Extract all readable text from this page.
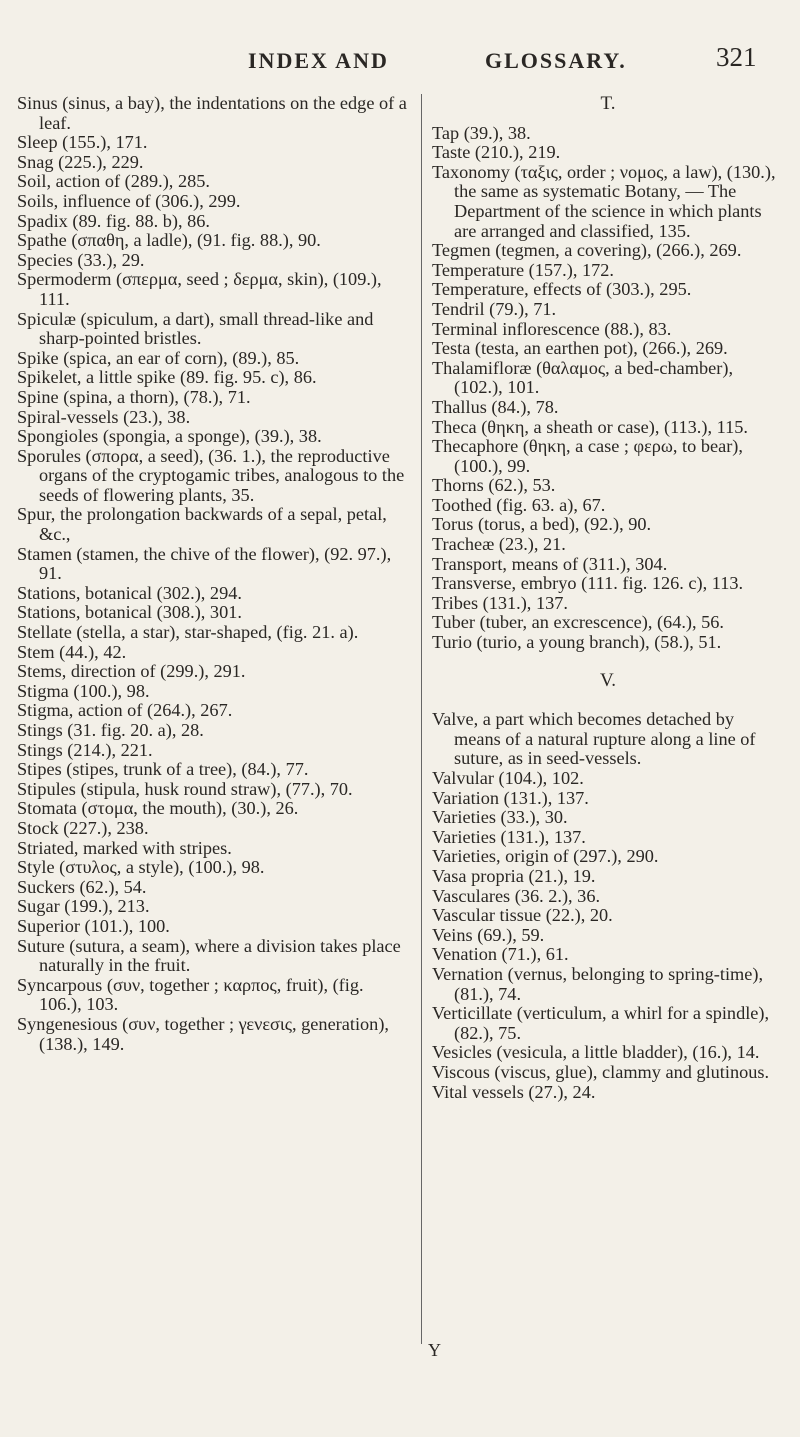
INDEX AND	GLOSSARY.	321
Sinus (sinus, a bay), the indentations on the edge of a leaf.
Sleep (155.), 171.
Snag (225.), 229.
Soil, action of (289.), 285.
Soils, influence of (306.), 299.
Spadix (89. fig. 88. b), 86.
Spathe (σπαθη, a ladle), (91. fig. 88.), 90.
Species (33.), 29.
Spermoderm (σπερμα, seed ; δερμα, skin), (109.), 111.
Spiculæ (spiculum, a dart), small thread-like and sharp-pointed bristles.
Spike (spica, an ear of corn), (89.), 85.
Spikelet, a little spike (89. fig. 95. c), 86.
Spine (spina, a thorn), (78.), 71.
Spiral-vessels (23.), 38.
Spongioles (spongia, a sponge), (39.), 38.
Sporules (σπορα, a seed), (36. 1.), the reproductive organs of the cryptogamic tribes, analogous to the seeds of flowering plants, 35.
Spur, the prolongation backwards of a sepal, petal, &c.,
Stamen (stamen, the chive of the flower), (92. 97.), 91.
Stations, botanical (302.), 294.
Stations, botanical (308.), 301.
Stellate (stella, a star), star-shaped, (fig. 21. a).
Stem (44.), 42.
Stems, direction of (299.), 291.
Stigma (100.), 98.
Stigma, action of (264.), 267.
Stings (31. fig. 20. a), 28.
Stings (214.), 221.
Stipes (stipes, trunk of a tree), (84.), 77.
Stipules (stipula, husk round straw), (77.), 70.
Stomata (στομα, the mouth), (30.), 26.
Stock (227.), 238.
Striated, marked with stripes.
Style (στυλος, a style), (100.), 98.
Suckers (62.), 54.
Sugar (199.), 213.
Superior (101.), 100.
Suture (sutura, a seam), where a division takes place naturally in the fruit.
Syncarpous (συν, together ; καρπος, fruit), (fig. 106.), 103.
Syngenesious (συν, together ; γενεσις, generation), (138.), 149.
T.
Tap (39.), 38.
Taste (210.), 219.
Taxonomy (ταξις, order ; νομος, a law), (130.), the same as systematic Botany, — The Department of the science in which plants are arranged and classified, 135.
Tegmen (tegmen, a covering), (266.), 269.
Temperature (157.), 172.
Temperature, effects of (303.), 295.
Tendril (79.), 71.
Terminal inflorescence (88.), 83.
Testa (testa, an earthen pot), (266.), 269.
Thalamifloræ (θαλαμος, a bed-chamber), (102.), 101.
Thallus (84.), 78.
Theca (θηκη, a sheath or case), (113.), 115.
Thecaphore (θηκη, a case ; φερω, to bear), (100.), 99.
Thorns (62.), 53.
Toothed (fig. 63. a), 67.
Torus (torus, a bed), (92.), 90.
Tracheæ (23.), 21.
Transport, means of (311.), 304.
Transverse, embryo (111. fig. 126. c), 113.
Tribes (131.), 137.
Tuber (tuber, an excrescence), (64.), 56.
Turio (turio, a young branch), (58.), 51.
V.
Valve, a part which becomes detached by means of a natural rupture along a line of suture, as in seed-vessels.
Valvular (104.), 102.
Variation (131.), 137.
Varieties (33.), 30.
Varieties (131.), 137.
Varieties, origin of (297.), 290.
Vasa propria (21.), 19.
Vasculares (36. 2.), 36.
Vascular tissue (22.), 20.
Veins (69.), 59.
Venation (71.), 61.
Vernation (vernus, belonging to spring-time), (81.), 74.
Verticillate (verticulum, a whirl for a spindle), (82.), 75.
Vesicles (vesicula, a little bladder), (16.), 14.
Viscous (viscus, glue), clammy and glutinous.
Vital vessels (27.), 24.
Y
